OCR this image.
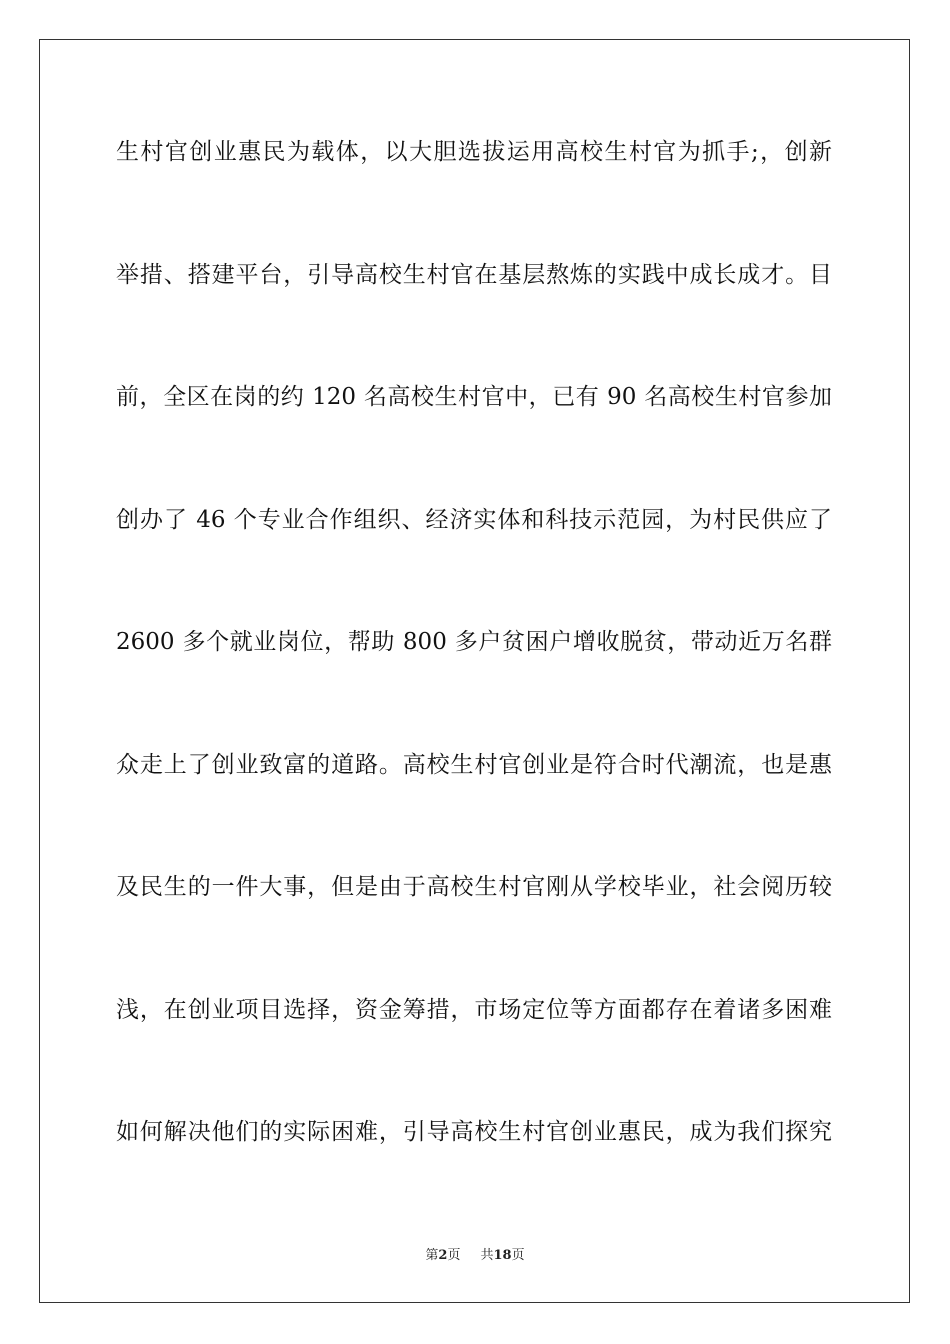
生村官创业惠民为载体，以大胆选拔运用高校生村官为抓手;，创新
举措、搭建平台，引导高校生村官在基层熬炼的实践中成长成才。目
前，全区在岗的约 120 名高校生村官中，已有 90 名高校生村官参加
创办了 46 个专业合作组织、经济实体和科技示范园，为村民供应了
2600 多个就业岗位，帮助 800 多户贫困户增收脱贫，带动近万名群
众走上了创业致富的道路。高校生村官创业是符合时代潮流，也是惠
及民生的一件大事，但是由于高校生村官刚从学校毕业，社会阅历较
浅，在创业项目选择，资金筹措，市场定位等方面都存在着诸多困难
如何解决他们的实际困难，引导高校生村官创业惠民，成为我们探究
第2页 共18页
